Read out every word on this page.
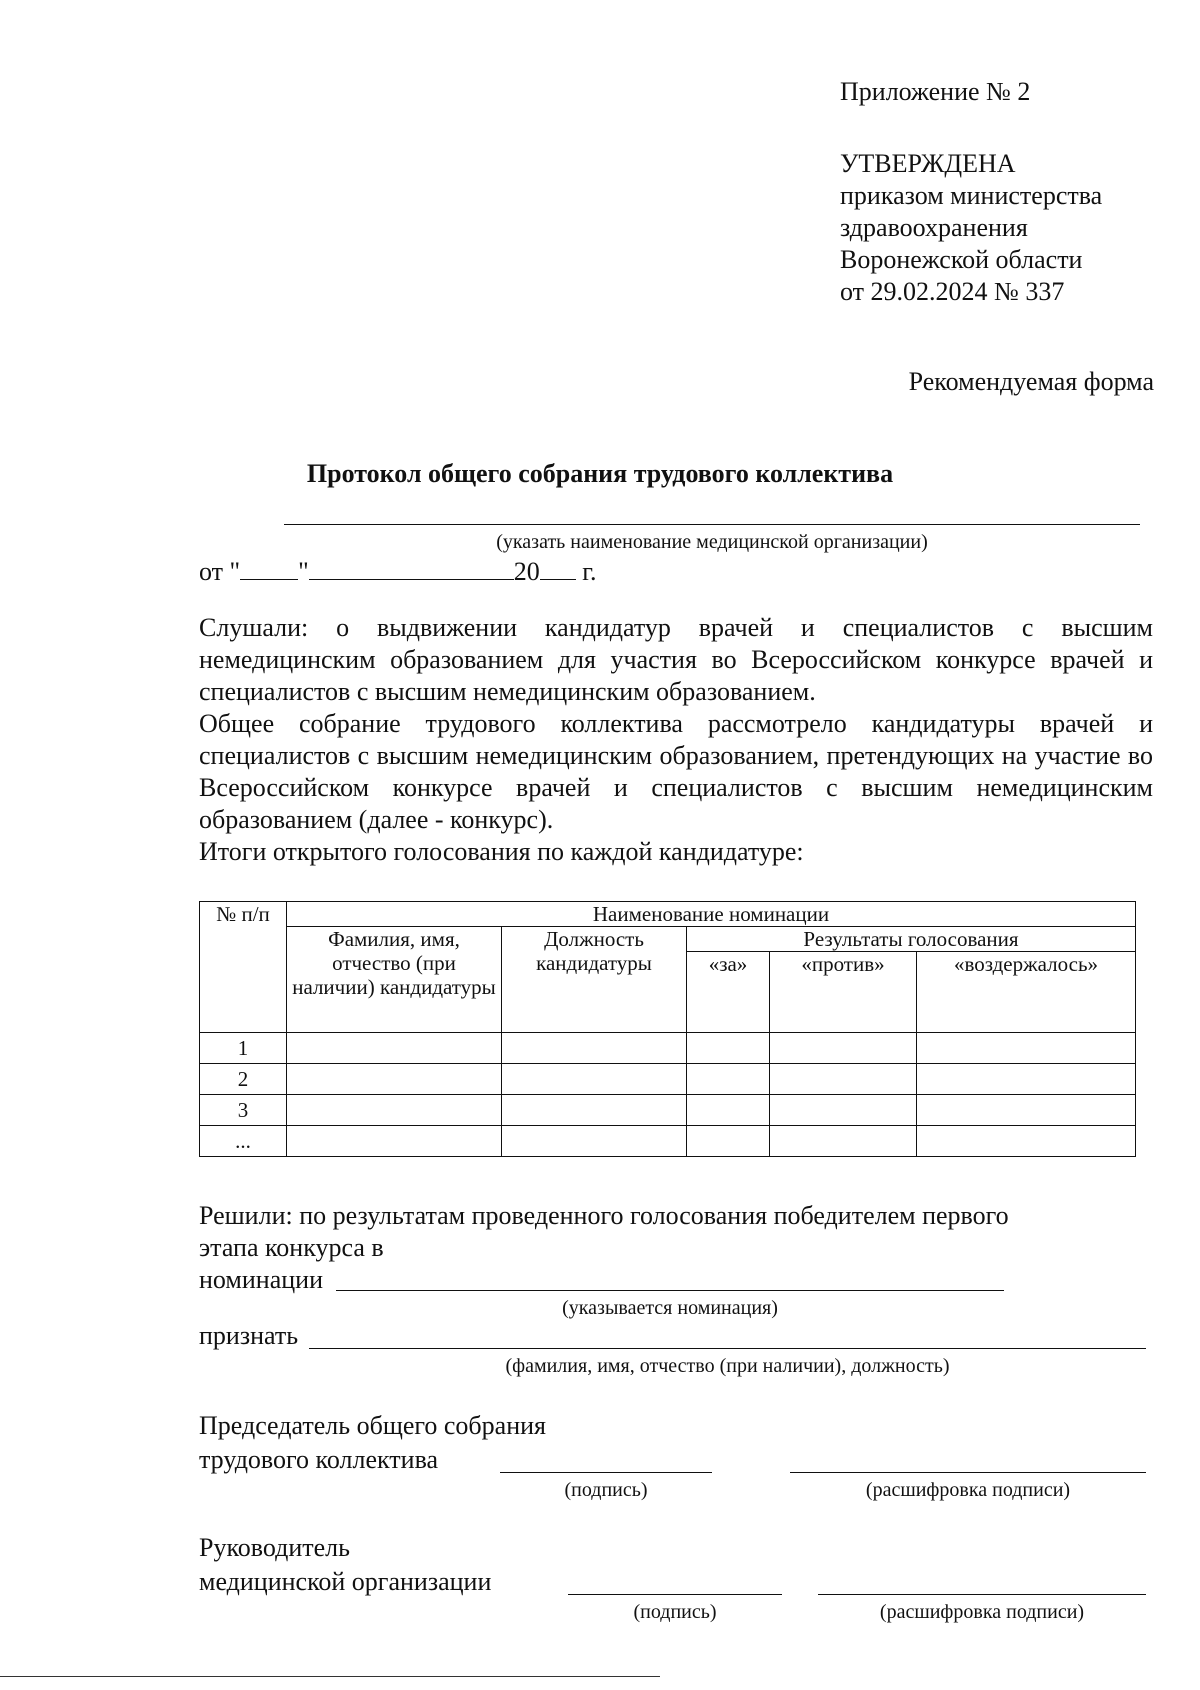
Приложение № 2
УТВЕРЖДЕНА
приказом министерства
здравоохранения
Воронежской области
от 29.02.2024 № 337
Рекомендуемая форма
Протокол общего собрания трудового коллектива
(указать наименование медицинской организации)
от " "	20 г.

Слушали: о выдвижении кандидатур врачей и специалистов с высшим немедицинским образованием для участия во Всероссийском конкурсе врачей и специалистов с высшим немедицинским образованием.

Общее собрание трудового коллектива рассмотрело кандидатуры врачей и специалистов с высшим немедицинским образованием, претендующих на участие во Всероссийском конкурсе врачей и специалистов с высшим немедицинским образованием (далее - конкурс).

Итоги открытого голосования по каждой кандидатуре:

№ п/п	Наименование номинации				
	Фамилия, имя, отчество (при наличии) кандидатуры	Должность кандидатуры	Результаты голосования		
			«за»	«против»	«воздержалось»
1					
2					
3					
...					
Решили: по результатам проведенного голосования победителем первого
этапа конкурса в
номинации
(указывается номинация)
признать
(фамилия, имя, отчество (при наличии), должность)
Председатель общего собрания
трудового коллектива
(подпись)	(расшифровка подписи)
Руководитель
медицинской организации
(подпись)	(расшифровка подписи)
